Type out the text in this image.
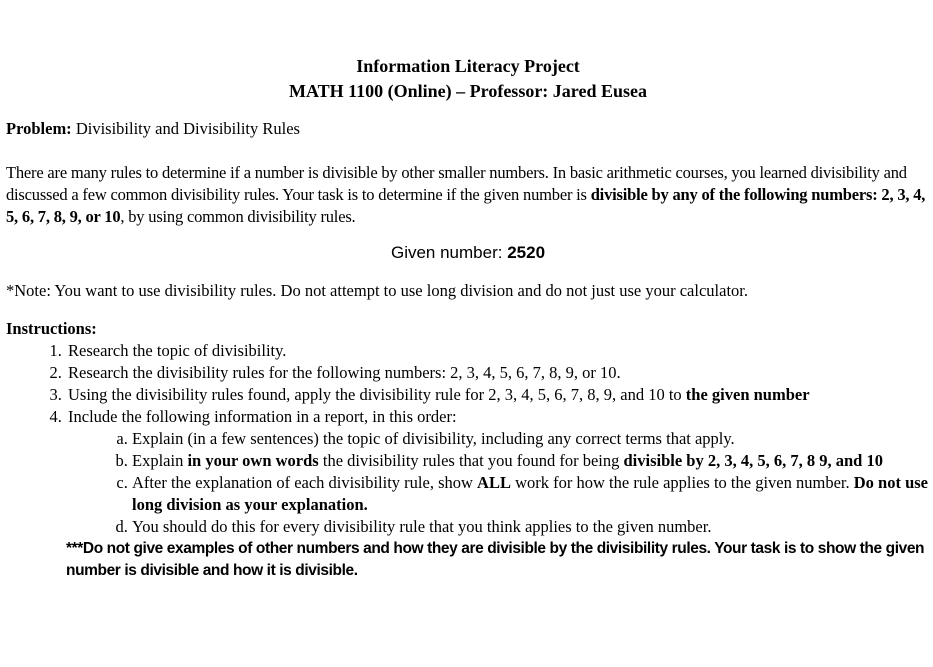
Information Literacy Project
MATH 1100 (Online) – Professor: Jared Eusea

Problem: Divisibility and Divisibility Rules

There are many rules to determine if a number is divisible by other smaller numbers. In basic arithmetic courses, you learned divisibility and discussed a few common divisibility rules. Your task is to determine if the given number is divisible by any of the following numbers: 2, 3, 4, 5, 6, 7, 8, 9, or 10, by using common divisibility rules.

Given number: 2520

*Note: You want to use divisibility rules. Do not attempt to use long division and do not just use your calculator.

Instructions:

1. Research the topic of divisibility.
2. Research the divisibility rules for the following numbers: 2, 3, 4, 5, 6, 7, 8, 9, or 10.
3. Using the divisibility rules found, apply the divisibility rule for 2, 3, 4, 5, 6, 7, 8, 9, and 10 to the given number
4. Include the following information in a report, in this order:
a. Explain (in a few sentences) the topic of divisibility, including any correct terms that apply.
b. Explain in your own words the divisibility rules that you found for being divisible by 2, 3, 4, 5, 6, 7, 8 9, and 10
c. After the explanation of each divisibility rule, show ALL work for how the rule applies to the given number. Do not use long division as your explanation.
d. You should do this for every divisibility rule that you think applies to the given number.

***Do not give examples of other numbers and how they are divisible by the divisibility rules. Your task is to show the given number is divisible and how it is divisible.
